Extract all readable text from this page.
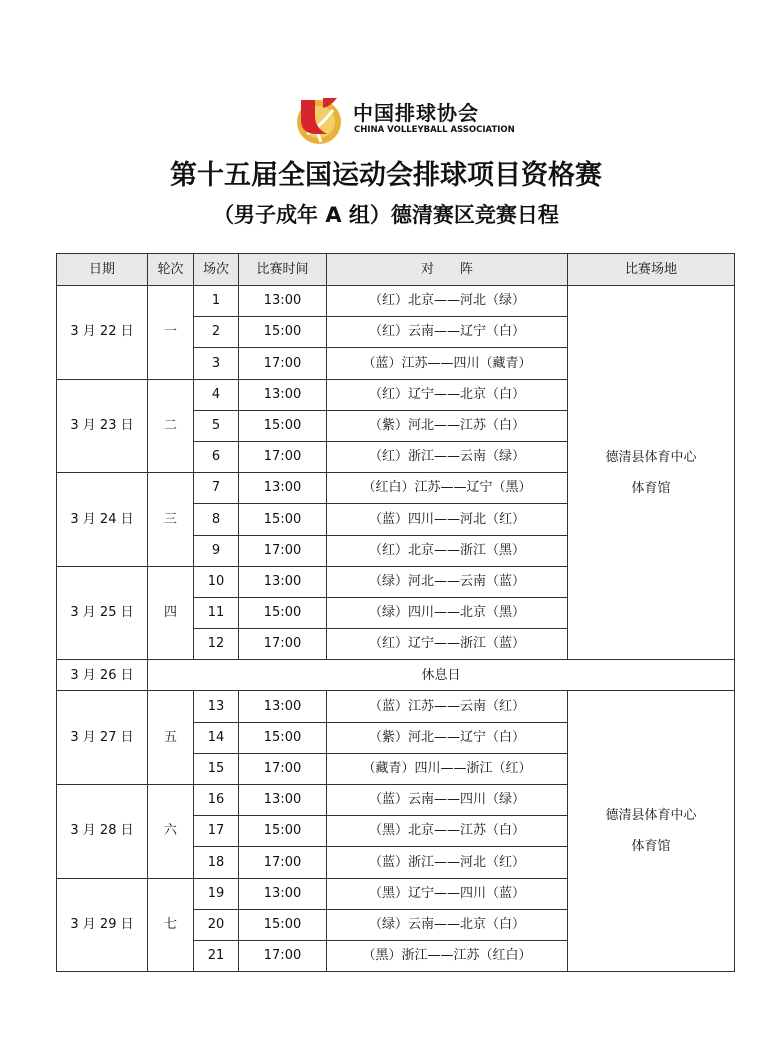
中国排球协会
CHINA VOLLEYBALL ASSOCIATION
第十五届全国运动会排球项目资格赛
（男子成年 A 组）德清赛区竞赛日程
日期	轮次	场次	比赛时间	对　　阵	比赛场地
3 月 22 日	一	1	13:00	（红）北京——河北（绿）	德清县体育中心
体育馆

		2	15:00	（红）云南——辽宁（白）	
		3	17:00	（蓝）江苏——四川（藏青）	
3 月 23 日	二	4	13:00	（红）辽宁——北京（白）	
		5	15:00	（紫）河北——江苏（白）	
		6	17:00	（红）浙江——云南（绿）	
3 月 24 日	三	7	13:00	（红白）江苏——辽宁（黑）	
		8	15:00	（蓝）四川——河北（红）	
		9	17:00	（红）北京——浙江（黑）	
3 月 25 日	四	10	13:00	（绿）河北——云南（蓝）	
		11	15:00	（绿）四川——北京（黑）	
		12	17:00	（红）辽宁——浙江（蓝）	
3 月 26 日	休息日				
3 月 27 日	五	13	13:00	（蓝）江苏——云南（红）	德清县体育中心
体育馆

		14	15:00	（紫）河北——辽宁（白）	
		15	17:00	（藏青）四川——浙江（红）	
3 月 28 日	六	16	13:00	（蓝）云南——四川（绿）	
		17	15:00	（黑）北京——江苏（白）	
		18	17:00	（蓝）浙江——河北（红）	
3 月 29 日	七	19	13:00	（黑）辽宁——四川（蓝）	
		20	15:00	（绿）云南——北京（白）	
		21	17:00	（黑）浙江——江苏（红白）	
